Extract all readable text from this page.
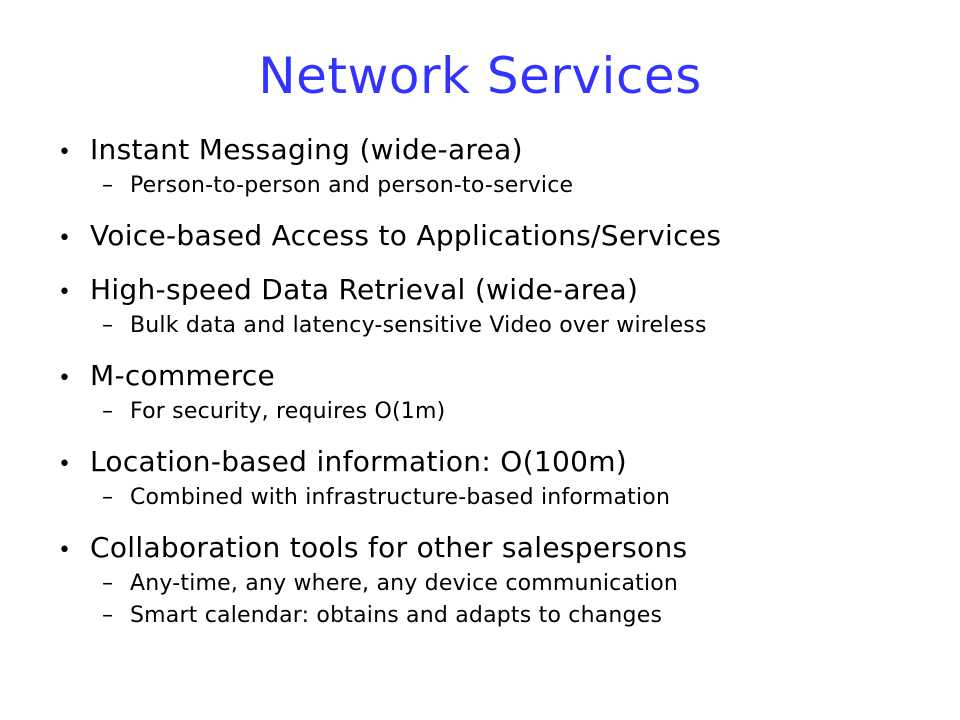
Network Services
• Instant Messaging (wide-area)
– Person-to-person and person-to-service
• Voice-based Access to Applications/Services
• High-speed Data Retrieval (wide-area)
– Bulk data and latency-sensitive Video over wireless
• M-commerce
– For security, requires O(1m)
• Location-based information: O(100m)
– Combined with infrastructure-based information
• Collaboration tools for other salespersons
– Any-time, any where, any device communication
– Smart calendar: obtains and adapts to changes
